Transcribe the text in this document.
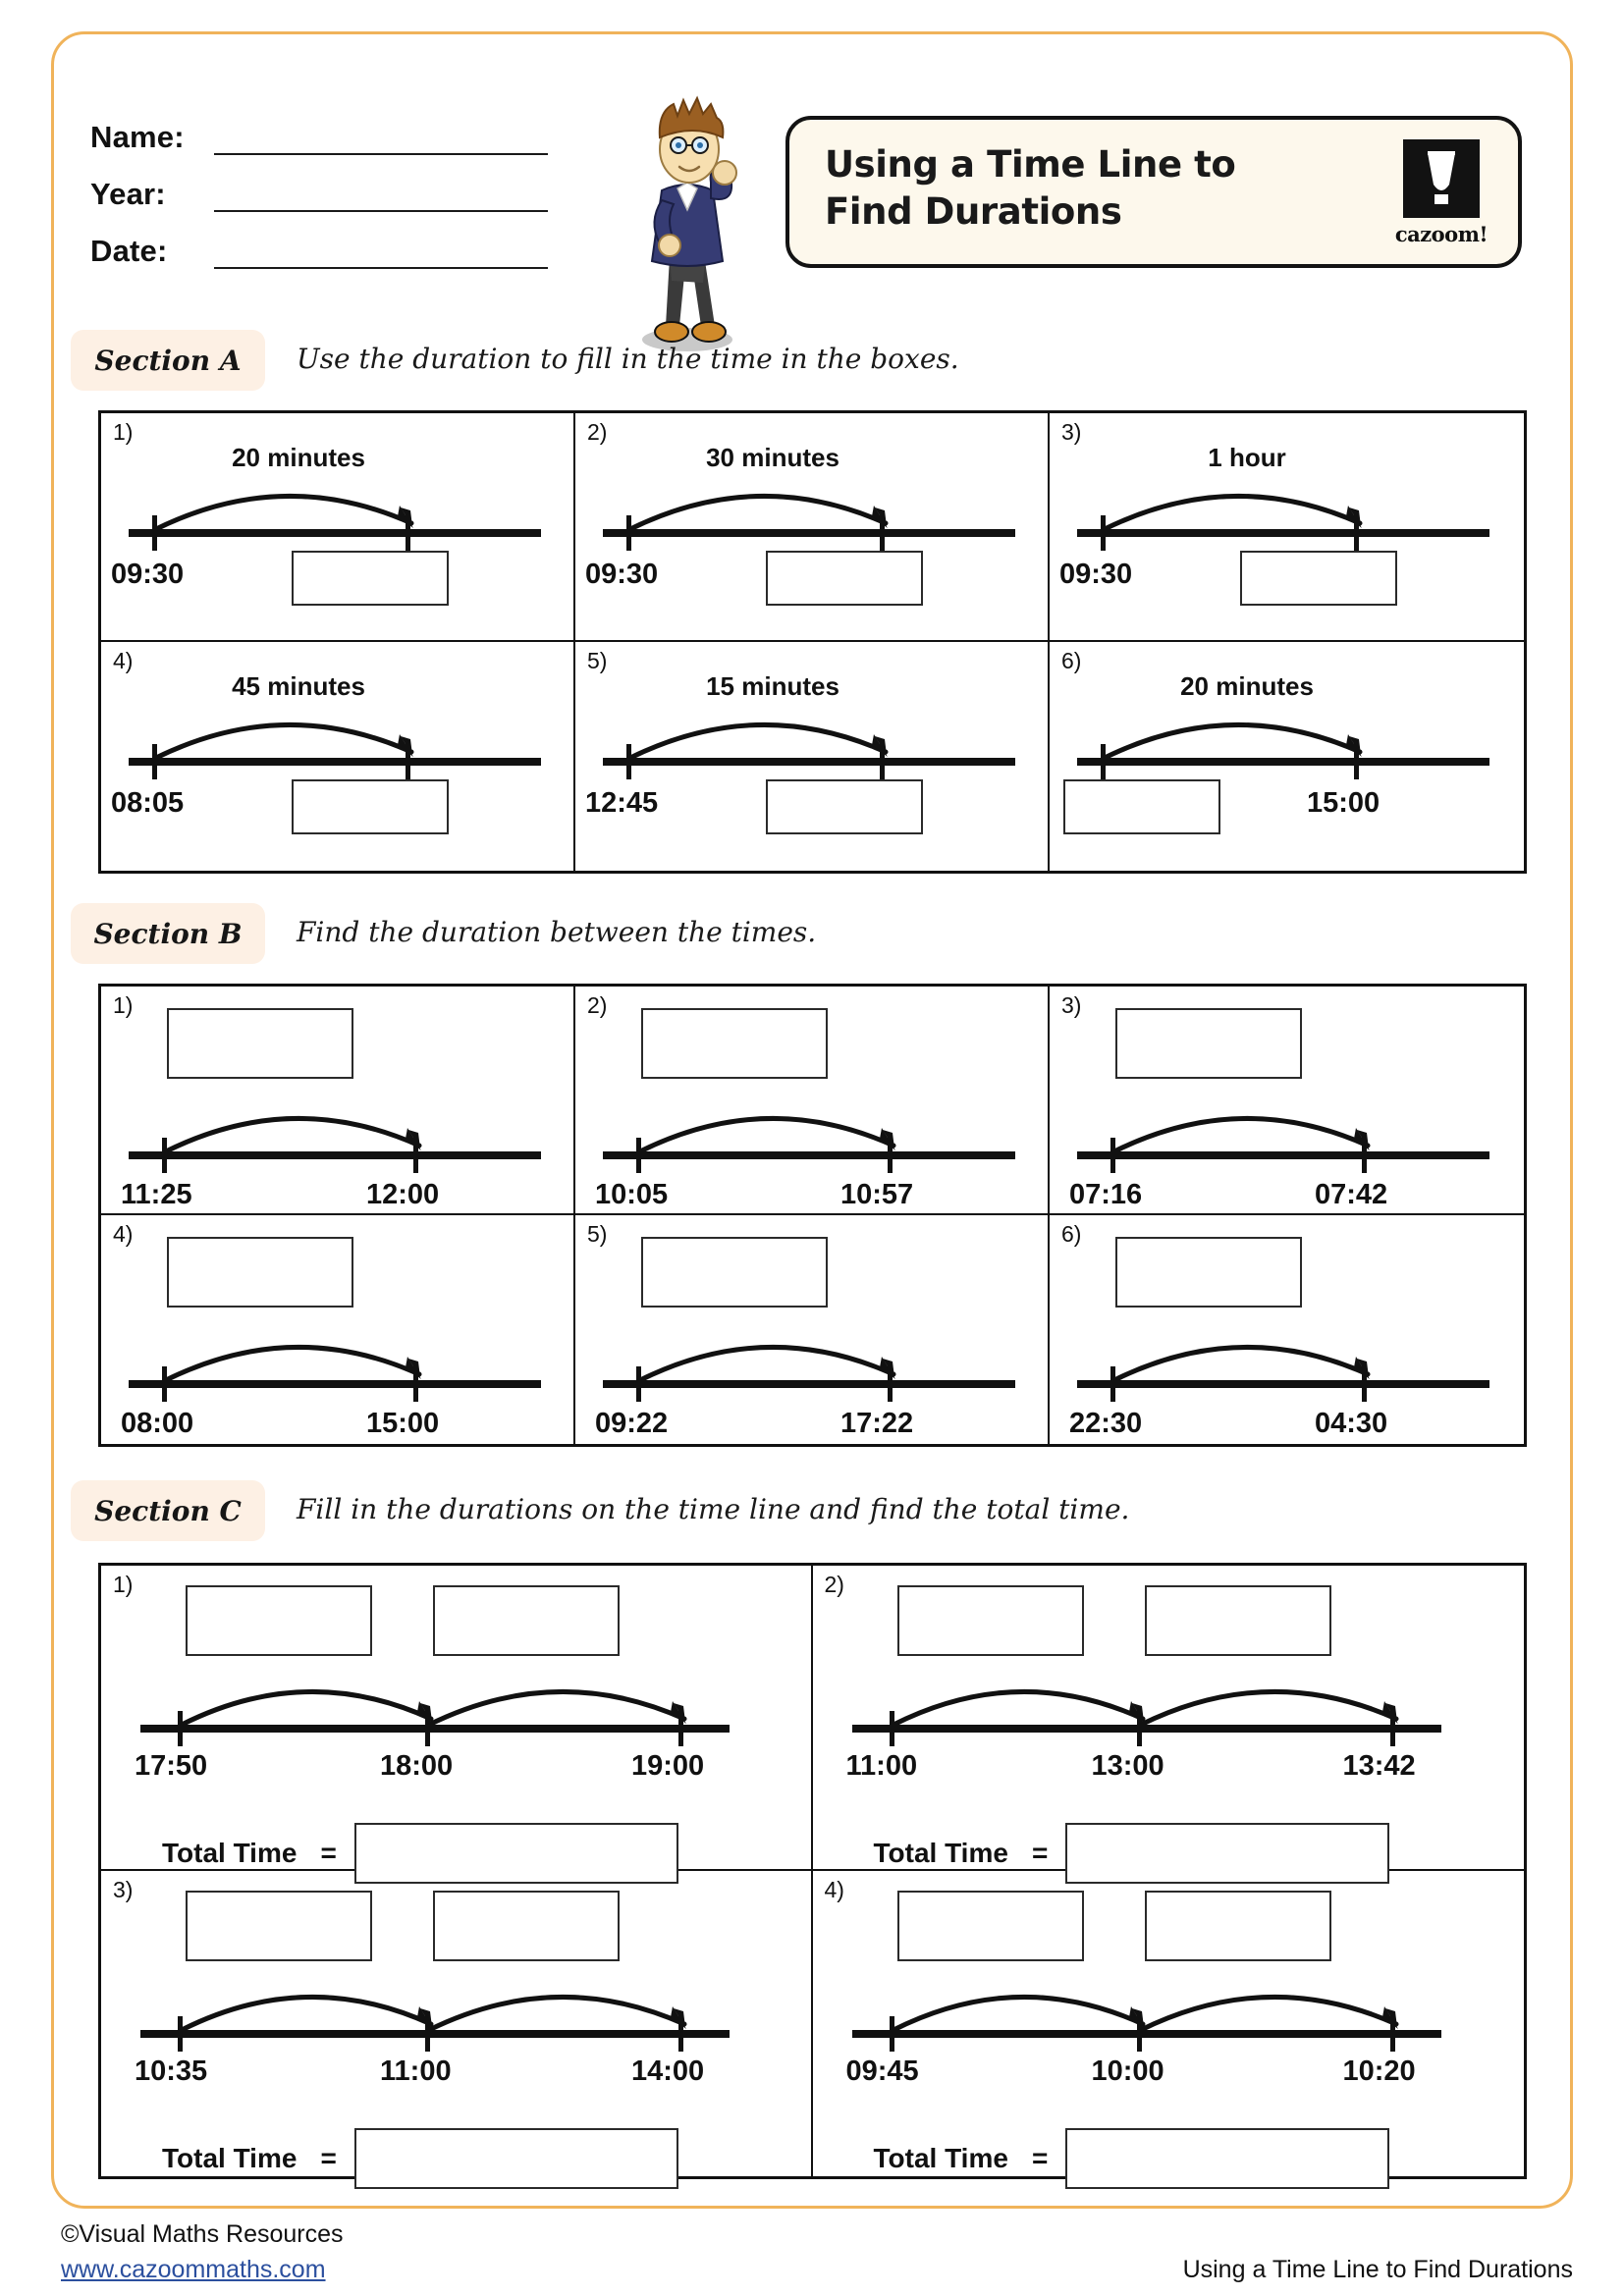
Name:
Year:
Date:
Using a Time Line to
Find Durations
cazoom!
Section A Use the duration to fill in the time in the boxes.
1)
20 minutes
09:30
2)
30 minutes
09:30
3)
1 hour
09:30
4)
45 minutes
08:05
5)
15 minutes
12:45
6)
20 minutes
15:00
Section B Find the duration between the times.
1)
11:25	12:00
2)
10:05	10:57
3)
07:16	07:42
4)
08:00	15:00
5)
09:22	17:22
6)
22:30	04:30
Section C Fill in the durations on the time line and find the total time.
1)
17:50	18:00	19:00
Total Time =
2)
11:00	13:00	13:42
Total Time =
3)
10:35	11:00	14:00
Total Time =
4)
09:45	10:00	10:20
Total Time =
©Visual Maths Resources
www.cazoommaths.com	Using a Time Line to Find Durations
